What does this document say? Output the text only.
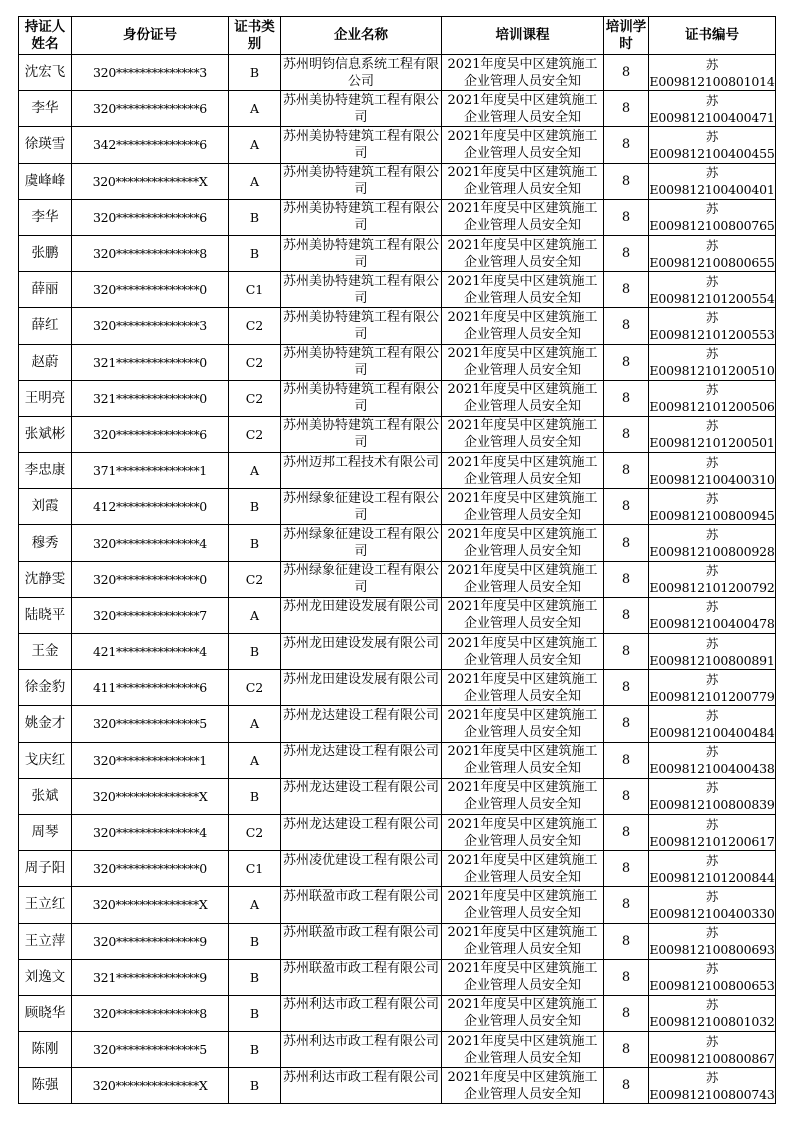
持证人姓名	身份证号	证书类别	企业名称	培训课程	培训学时	证书编号
沈宏飞	320**************3	B	苏州明钧信息系统工程有限公司	2021年度吴中区建筑施工企业管理人员安全知	8	苏E009812100801014
李华	320**************6	A	苏州美协特建筑工程有限公司	2021年度吴中区建筑施工企业管理人员安全知	8	苏E009812100400471
徐瑛雪	342**************6	A	苏州美协特建筑工程有限公司	2021年度吴中区建筑施工企业管理人员安全知	8	苏E009812100400455
虞峰峰	320**************X	A	苏州美协特建筑工程有限公司	2021年度吴中区建筑施工企业管理人员安全知	8	苏E009812100400401
李华	320**************6	B	苏州美协特建筑工程有限公司	2021年度吴中区建筑施工企业管理人员安全知	8	苏E009812100800765
张鹏	320**************8	B	苏州美协特建筑工程有限公司	2021年度吴中区建筑施工企业管理人员安全知	8	苏E009812100800655
薛丽	320**************0	C1	苏州美协特建筑工程有限公司	2021年度吴中区建筑施工企业管理人员安全知	8	苏E009812101200554
薛红	320**************3	C2	苏州美协特建筑工程有限公司	2021年度吴中区建筑施工企业管理人员安全知	8	苏E009812101200553
赵蔚	321**************0	C2	苏州美协特建筑工程有限公司	2021年度吴中区建筑施工企业管理人员安全知	8	苏E009812101200510
王明亮	321**************0	C2	苏州美协特建筑工程有限公司	2021年度吴中区建筑施工企业管理人员安全知	8	苏E009812101200506
张斌彬	320**************6	C2	苏州美协特建筑工程有限公司	2021年度吴中区建筑施工企业管理人员安全知	8	苏E009812101200501
李忠康	371**************1	A	苏州迈邦工程技术有限公司	2021年度吴中区建筑施工企业管理人员安全知	8	苏E009812100400310
刘霞	412**************0	B	苏州绿象征建设工程有限公司	2021年度吴中区建筑施工企业管理人员安全知	8	苏E009812100800945
穆秀	320**************4	B	苏州绿象征建设工程有限公司	2021年度吴中区建筑施工企业管理人员安全知	8	苏E009812100800928
沈静雯	320**************0	C2	苏州绿象征建设工程有限公司	2021年度吴中区建筑施工企业管理人员安全知	8	苏E009812101200792
陆晓平	320**************7	A	苏州龙田建设发展有限公司	2021年度吴中区建筑施工企业管理人员安全知	8	苏E009812100400478
王金	421**************4	B	苏州龙田建设发展有限公司	2021年度吴中区建筑施工企业管理人员安全知	8	苏E009812100800891
徐金豹	411**************6	C2	苏州龙田建设发展有限公司	2021年度吴中区建筑施工企业管理人员安全知	8	苏E009812101200779
姚金才	320**************5	A	苏州龙达建设工程有限公司	2021年度吴中区建筑施工企业管理人员安全知	8	苏E009812100400484
戈庆红	320**************1	A	苏州龙达建设工程有限公司	2021年度吴中区建筑施工企业管理人员安全知	8	苏E009812100400438
张斌	320**************X	B	苏州龙达建设工程有限公司	2021年度吴中区建筑施工企业管理人员安全知	8	苏E009812100800839
周琴	320**************4	C2	苏州龙达建设工程有限公司	2021年度吴中区建筑施工企业管理人员安全知	8	苏E009812101200617
周子阳	320**************0	C1	苏州凌优建设工程有限公司	2021年度吴中区建筑施工企业管理人员安全知	8	苏E009812101200844
王立红	320**************X	A	苏州联盈市政工程有限公司	2021年度吴中区建筑施工企业管理人员安全知	8	苏E009812100400330
王立萍	320**************9	B	苏州联盈市政工程有限公司	2021年度吴中区建筑施工企业管理人员安全知	8	苏E009812100800693
刘逸文	321**************9	B	苏州联盈市政工程有限公司	2021年度吴中区建筑施工企业管理人员安全知	8	苏E009812100800653
顾晓华	320**************8	B	苏州利达市政工程有限公司	2021年度吴中区建筑施工企业管理人员安全知	8	苏E009812100801032
陈刚	320**************5	B	苏州利达市政工程有限公司	2021年度吴中区建筑施工企业管理人员安全知	8	苏E009812100800867
陈强	320**************X	B	苏州利达市政工程有限公司	2021年度吴中区建筑施工企业管理人员安全知	8	苏E009812100800743
